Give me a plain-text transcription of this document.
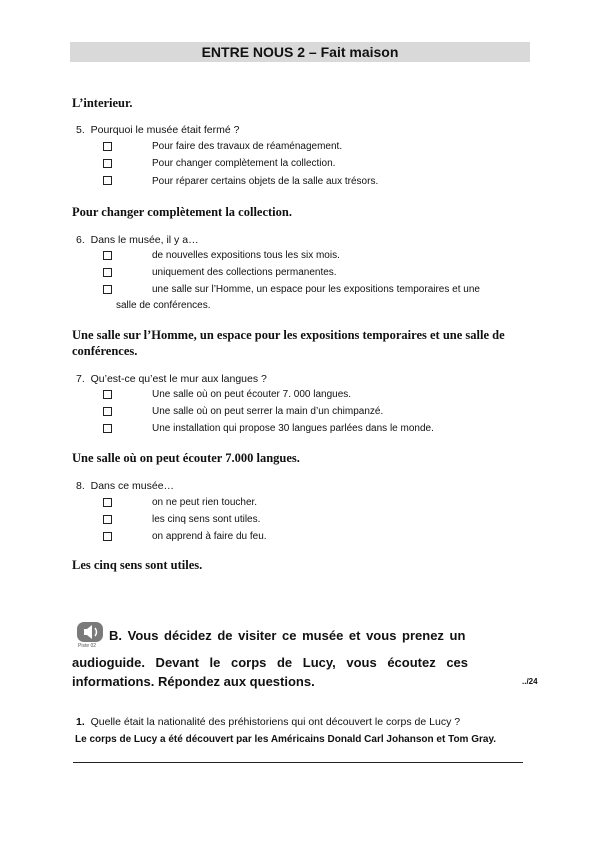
ENTRE NOUS 2 – Fait maison
L’interieur.
5. Pourquoi le musée était fermé ?
Pour faire des travaux de réaménagement.
Pour changer complètement la collection.
Pour réparer certains objets de la salle aux trésors.
Pour changer complètement la collection.
6. Dans le musée, il y a…
de nouvelles expositions tous les six mois.
uniquement des collections permanentes.
une salle sur l’Homme, un espace pour les expositions temporaires et une
salle de conférences.
Une salle sur l’Homme, un espace pour les expositions temporaires et une salle de
conférences.
7. Qu’est-ce qu’est le mur aux langues ?
Une salle où on peut écouter 7. 000 langues.
Une salle où on peut serrer la main d’un chimpanzé.
Une installation qui propose 30 langues parlées dans le monde.
Une salle où on peut écouter 7.000 langues.
8. Dans ce musée…
on ne peut rien toucher.
les cinq sens sont utiles.
on apprend à faire du feu.
Les cinq sens sont utiles.
Piste 02
B. Vous décidez de visiter ce musée et vous prenez un
audioguide. Devant le corps de Lucy, vous écoutez ces
informations. Répondez aux questions.	../24
1. Quelle était la nationalité des préhistoriens qui ont découvert le corps de Lucy ?
Le corps de Lucy a été découvert par les Américains Donald Carl Johanson et Tom Gray.
